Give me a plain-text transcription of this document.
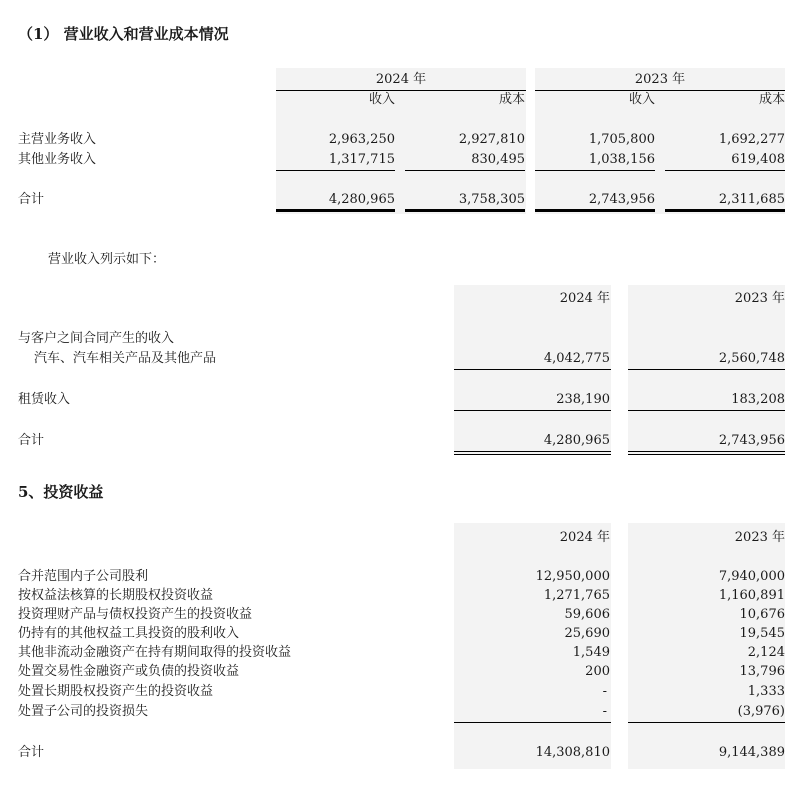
（1） 营业收入和营业成本情况
2024 年	2023 年
收入	成本	收入	成本
主营业务收入	2,963,250	2,927,810	1,705,800	1,692,277
其他业务收入	1,317,715	830,495	1,038,156	619,408
合计	4,280,965	3,758,305	2,743,956	2,311,685
营业收入列示如下：
2024 年	2023 年
与客户之间合同产生的收入
汽车、汽车相关产品及其他产品	4,042,775	2,560,748
租赁收入	238,190	183,208
合计	4,280,965	2,743,956
5、投资收益
2024 年	2023 年
合并范围内子公司股利	12,950,000	7,940,000
按权益法核算的长期股权投资收益	1,271,765	1,160,891
投资理财产品与债权投资产生的投资收益	59,606	10,676
仍持有的其他权益工具投资的股利收入	25,690	19,545
其他非流动金融资产在持有期间取得的投资收益	1,549	2,124
处置交易性金融资产或负债的投资收益	200	13,796
处置长期股权投资产生的投资收益	-	1,333
处置子公司的投资损失	-	(3,976)
合计	14,308,810	9,144,389
